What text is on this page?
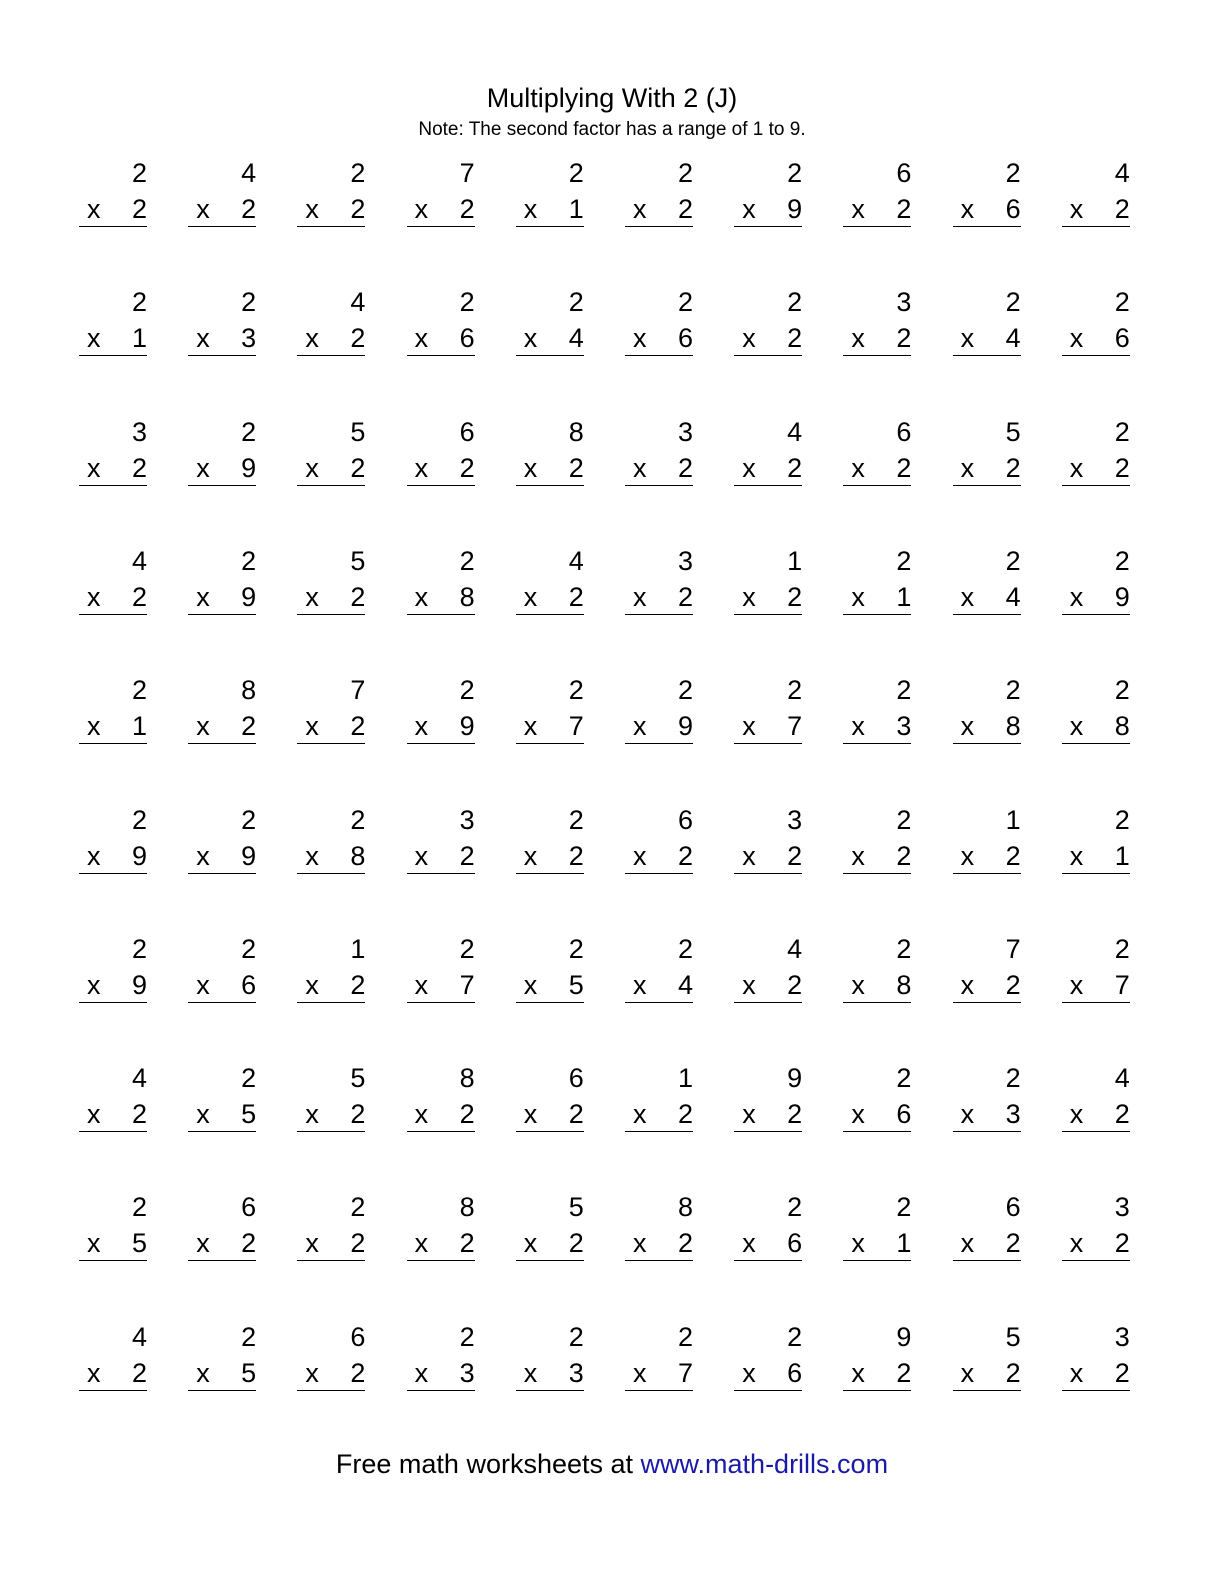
Multiplying With 2 (J)
Note: The second factor has a range of 1 to 9.
2
x 2
4
x 2
2
x 2
7
x 2
2
x 1
2
x 2
2
x 9
6
x 2
2
x 6
4
x 2
2
x 1
2
x 3
4
x 2
2
x 6
2
x 4
2
x 6
2
x 2
3
x 2
2
x 4
2
x 6
3
x 2
2
x 9
5
x 2
6
x 2
8
x 2
3
x 2
4
x 2
6
x 2
5
x 2
2
x 2
4
x 2
2
x 9
5
x 2
2
x 8
4
x 2
3
x 2
1
x 2
2
x 1
2
x 4
2
x 9
2
x 1
8
x 2
7
x 2
2
x 9
2
x 7
2
x 9
2
x 7
2
x 3
2
x 8
2
x 8
2
x 9
2
x 9
2
x 8
3
x 2
2
x 2
6
x 2
3
x 2
2
x 2
1
x 2
2
x 1
2
x 9
2
x 6
1
x 2
2
x 7
2
x 5
2
x 4
4
x 2
2
x 8
7
x 2
2
x 7
4
x 2
2
x 5
5
x 2
8
x 2
6
x 2
1
x 2
9
x 2
2
x 6
2
x 3
4
x 2
2
x 5
6
x 2
2
x 2
8
x 2
5
x 2
8
x 2
2
x 6
2
x 1
6
x 2
3
x 2
4
x 2
2
x 5
6
x 2
2
x 3
2
x 3
2
x 7
2
x 6
9
x 2
5
x 2
3
x 2
Free math worksheets at www.math-drills.com
